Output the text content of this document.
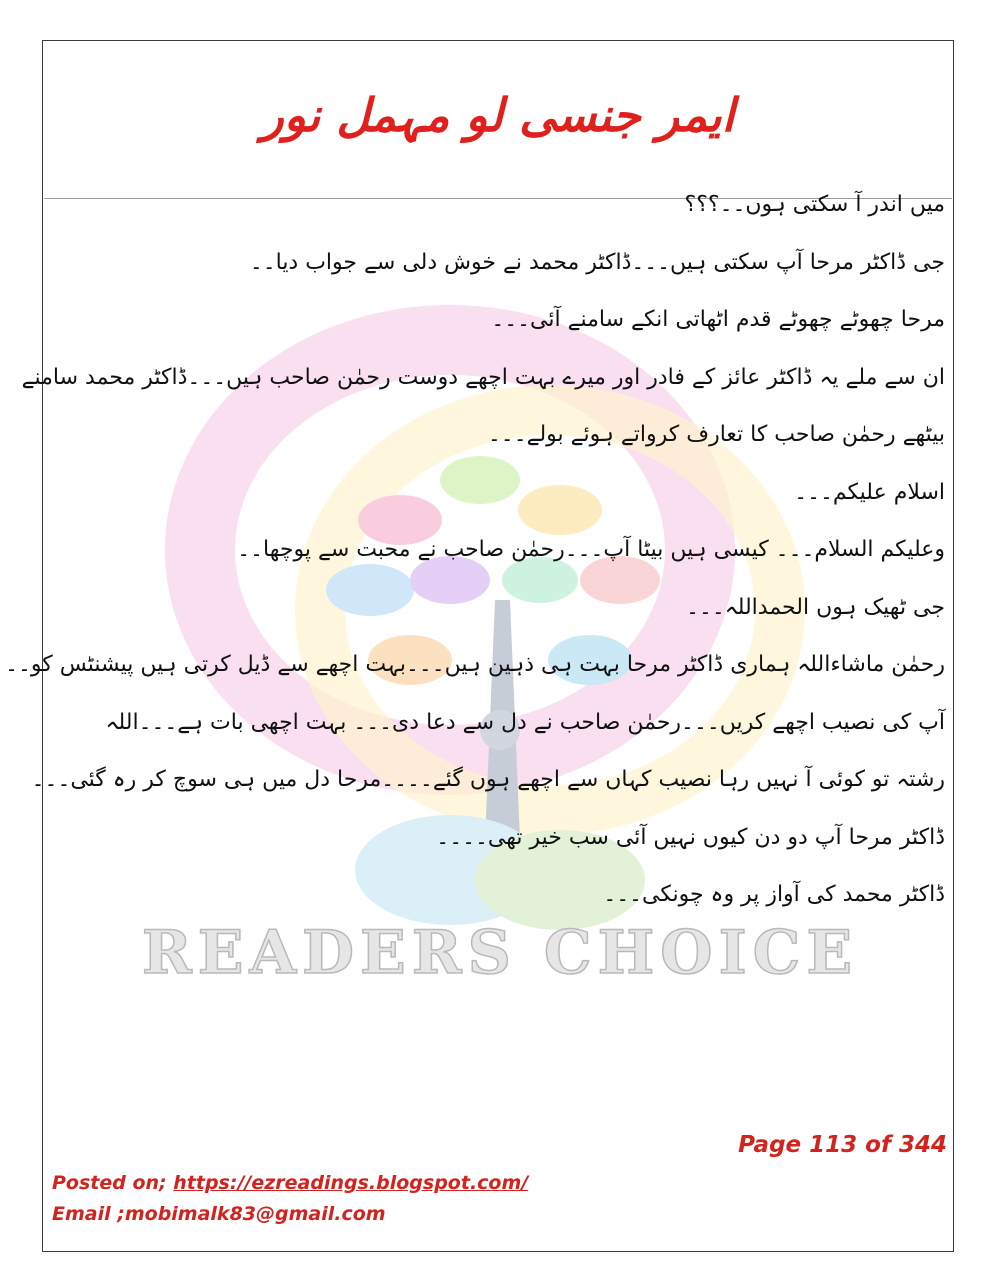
READERS CHOICE
ایمر جنسی لو مہمل نور

میں اندر آ سکتی ہوں۔۔؟؟؟

جی ڈاکٹر مرحا آپ سکتی ہیں۔۔۔ڈاکٹر محمد نے خوش دلی سے جواب دیا۔۔

مرحا چھوٹے چھوٹے قدم اٹھاتی انکے سامنے آئی۔۔۔

ان سے ملے یہ ڈاکٹر عائز کے فادر اور میرے بہت اچھے دوست رحمٰن صاحب ہیں۔۔۔ڈاکٹر محمد سامنے

بیٹھے رحمٰن صاحب کا تعارف کرواتے ہوئے بولے۔۔۔

اسلام علیکم۔۔۔

وعلیکم السلام۔۔۔ کیسی ہیں بیٹا آپ۔۔۔رحمٰن صاحب نے محبت سے پوچھا۔۔

جی ٹھیک ہوں الحمداللہ۔۔۔

رحمٰن ماشاءاللہ ہماری ڈاکٹر مرحا بہت ہی ذہین ہیں۔۔۔بہت اچھے سے ڈیل کرتی ہیں پیشنٹس کو۔۔

آپ کی نصیب اچھے کریں۔۔۔رحمٰن صاحب نے دل سے دعا دی۔۔۔ بہت اچھی بات ہے۔۔۔اللہ

رشتہ تو کوئی آ نہیں رہا نصیب کہاں سے اچھے ہوں گئے۔۔۔۔مرحا دل میں ہی سوچ کر رہ گئی۔۔۔

ڈاکٹر مرحا آپ دو دن کیوں نہیں آئی سب خیر تھی۔۔۔۔

ڈاکٹر محمد کی آواز پر وہ چونکی۔۔۔

Page 113 of 344
Posted on; https://ezreadings.blogspot.com/
Email ;mobimalk83@gmail.com
